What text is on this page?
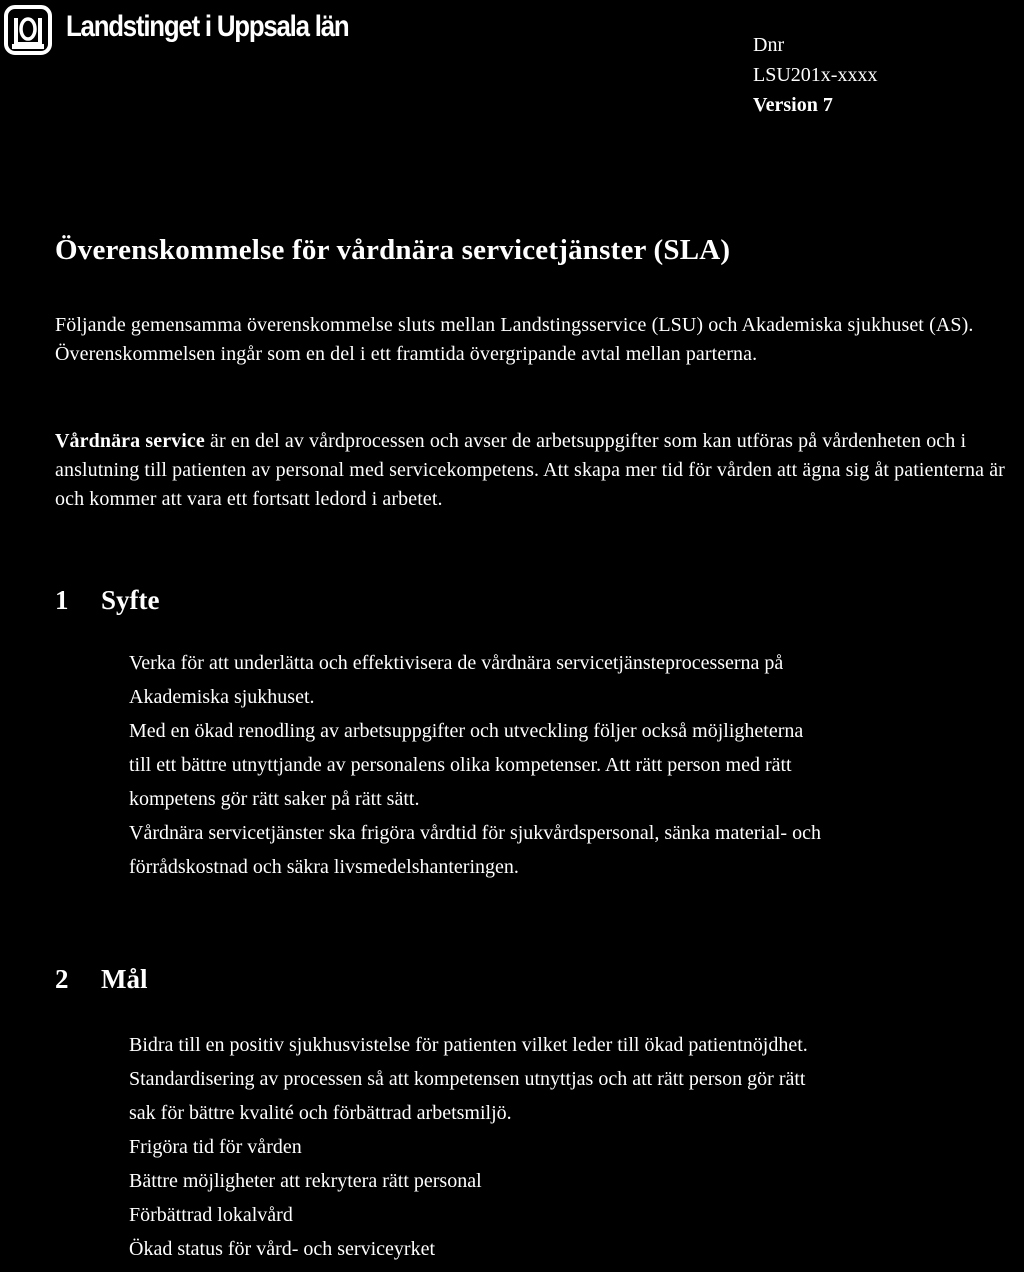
Landstinget i Uppsala län
Dnr
LSU201x-xxxx
Version 7
Överenskommelse för vårdnära servicetjänster (SLA)

Följande gemensamma överenskommelse sluts mellan Landstingsservice (LSU) och Akademiska sjukhuset (AS). Överenskommelsen ingår som en del i ett framtida övergripande avtal mellan parterna.

Vårdnära service är en del av vårdprocessen och avser de arbetsuppgifter som kan utföras på vårdenheten och i anslutning till patienten av personal med servicekompetens. Att skapa mer tid för vården att ägna sig åt patienterna är och kommer att vara ett fortsatt ledord i arbetet.

1 Syfte
Verka för att underlätta och effektivisera de vårdnära servicetjänsteprocesserna på
Akademiska sjukhuset.
Med en ökad renodling av arbetsuppgifter och utveckling följer också möjligheterna
till ett bättre utnyttjande av personalens olika kompetenser. Att rätt person med rätt
kompetens gör rätt saker på rätt sätt.
Vårdnära servicetjänster ska frigöra vårdtid för sjukvårdspersonal, sänka material- och
förrådskostnad och säkra livsmedelshanteringen.
2 Mål
Bidra till en positiv sjukhusvistelse för patienten vilket leder till ökad patientnöjdhet.
Standardisering av processen så att kompetensen utnyttjas och att rätt person gör rätt
sak för bättre kvalité och förbättrad arbetsmiljö.
Frigöra tid för vården
Bättre möjligheter att rekrytera rätt personal
Förbättrad lokalvård
Ökad status för vård- och serviceyrket
